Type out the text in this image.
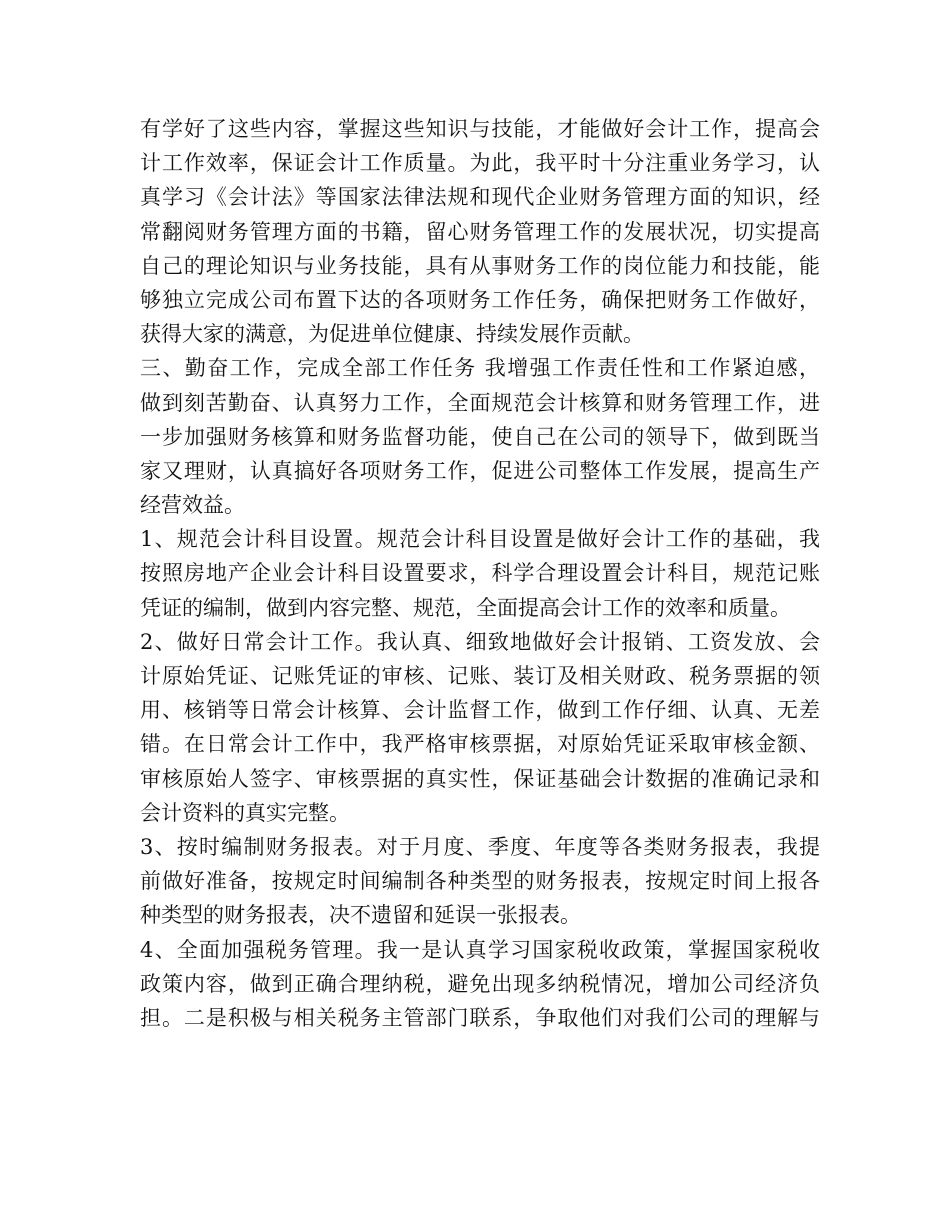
有学好了这些内容，掌握这些知识与技能，才能做好会计工作，提高会
计工作效率，保证会计工作质量。为此，我平时十分注重业务学习，认
真学习《会计法》等国家法律法规和现代企业财务管理方面的知识，经
常翻阅财务管理方面的书籍，留心财务管理工作的发展状况，切实提高
自己的理论知识与业务技能，具有从事财务工作的岗位能力和技能，能
够独立完成公司布置下达的各项财务工作任务，确保把财务工作做好，
获得大家的满意，为促进单位健康、持续发展作贡献。
三、勤奋工作，完成全部工作任务 我增强工作责任性和工作紧迫感，
做到刻苦勤奋、认真努力工作，全面规范会计核算和财务管理工作，进
一步加强财务核算和财务监督功能，使自己在公司的领导下，做到既当
家又理财，认真搞好各项财务工作，促进公司整体工作发展，提高生产
经营效益。
1、规范会计科目设置。规范会计科目设置是做好会计工作的基础，我
按照房地产企业会计科目设置要求，科学合理设置会计科目，规范记账
凭证的编制，做到内容完整、规范，全面提高会计工作的效率和质量。
2、做好日常会计工作。我认真、细致地做好会计报销、工资发放、会
计原始凭证、记账凭证的审核、记账、装订及相关财政、税务票据的领
用、核销等日常会计核算、会计监督工作，做到工作仔细、认真、无差
错。在日常会计工作中，我严格审核票据，对原始凭证采取审核金额、
审核原始人签字、审核票据的真实性，保证基础会计数据的准确记录和
会计资料的真实完整。
3、按时编制财务报表。对于月度、季度、年度等各类财务报表，我提
前做好准备，按规定时间编制各种类型的财务报表，按规定时间上报各
种类型的财务报表，决不遗留和延误一张报表。
4、全面加强税务管理。我一是认真学习国家税收政策，掌握国家税收
政策内容，做到正确合理纳税，避免出现多纳税情况，增加公司经济负
担。二是积极与相关税务主管部门联系，争取他们对我们公司的理解与
